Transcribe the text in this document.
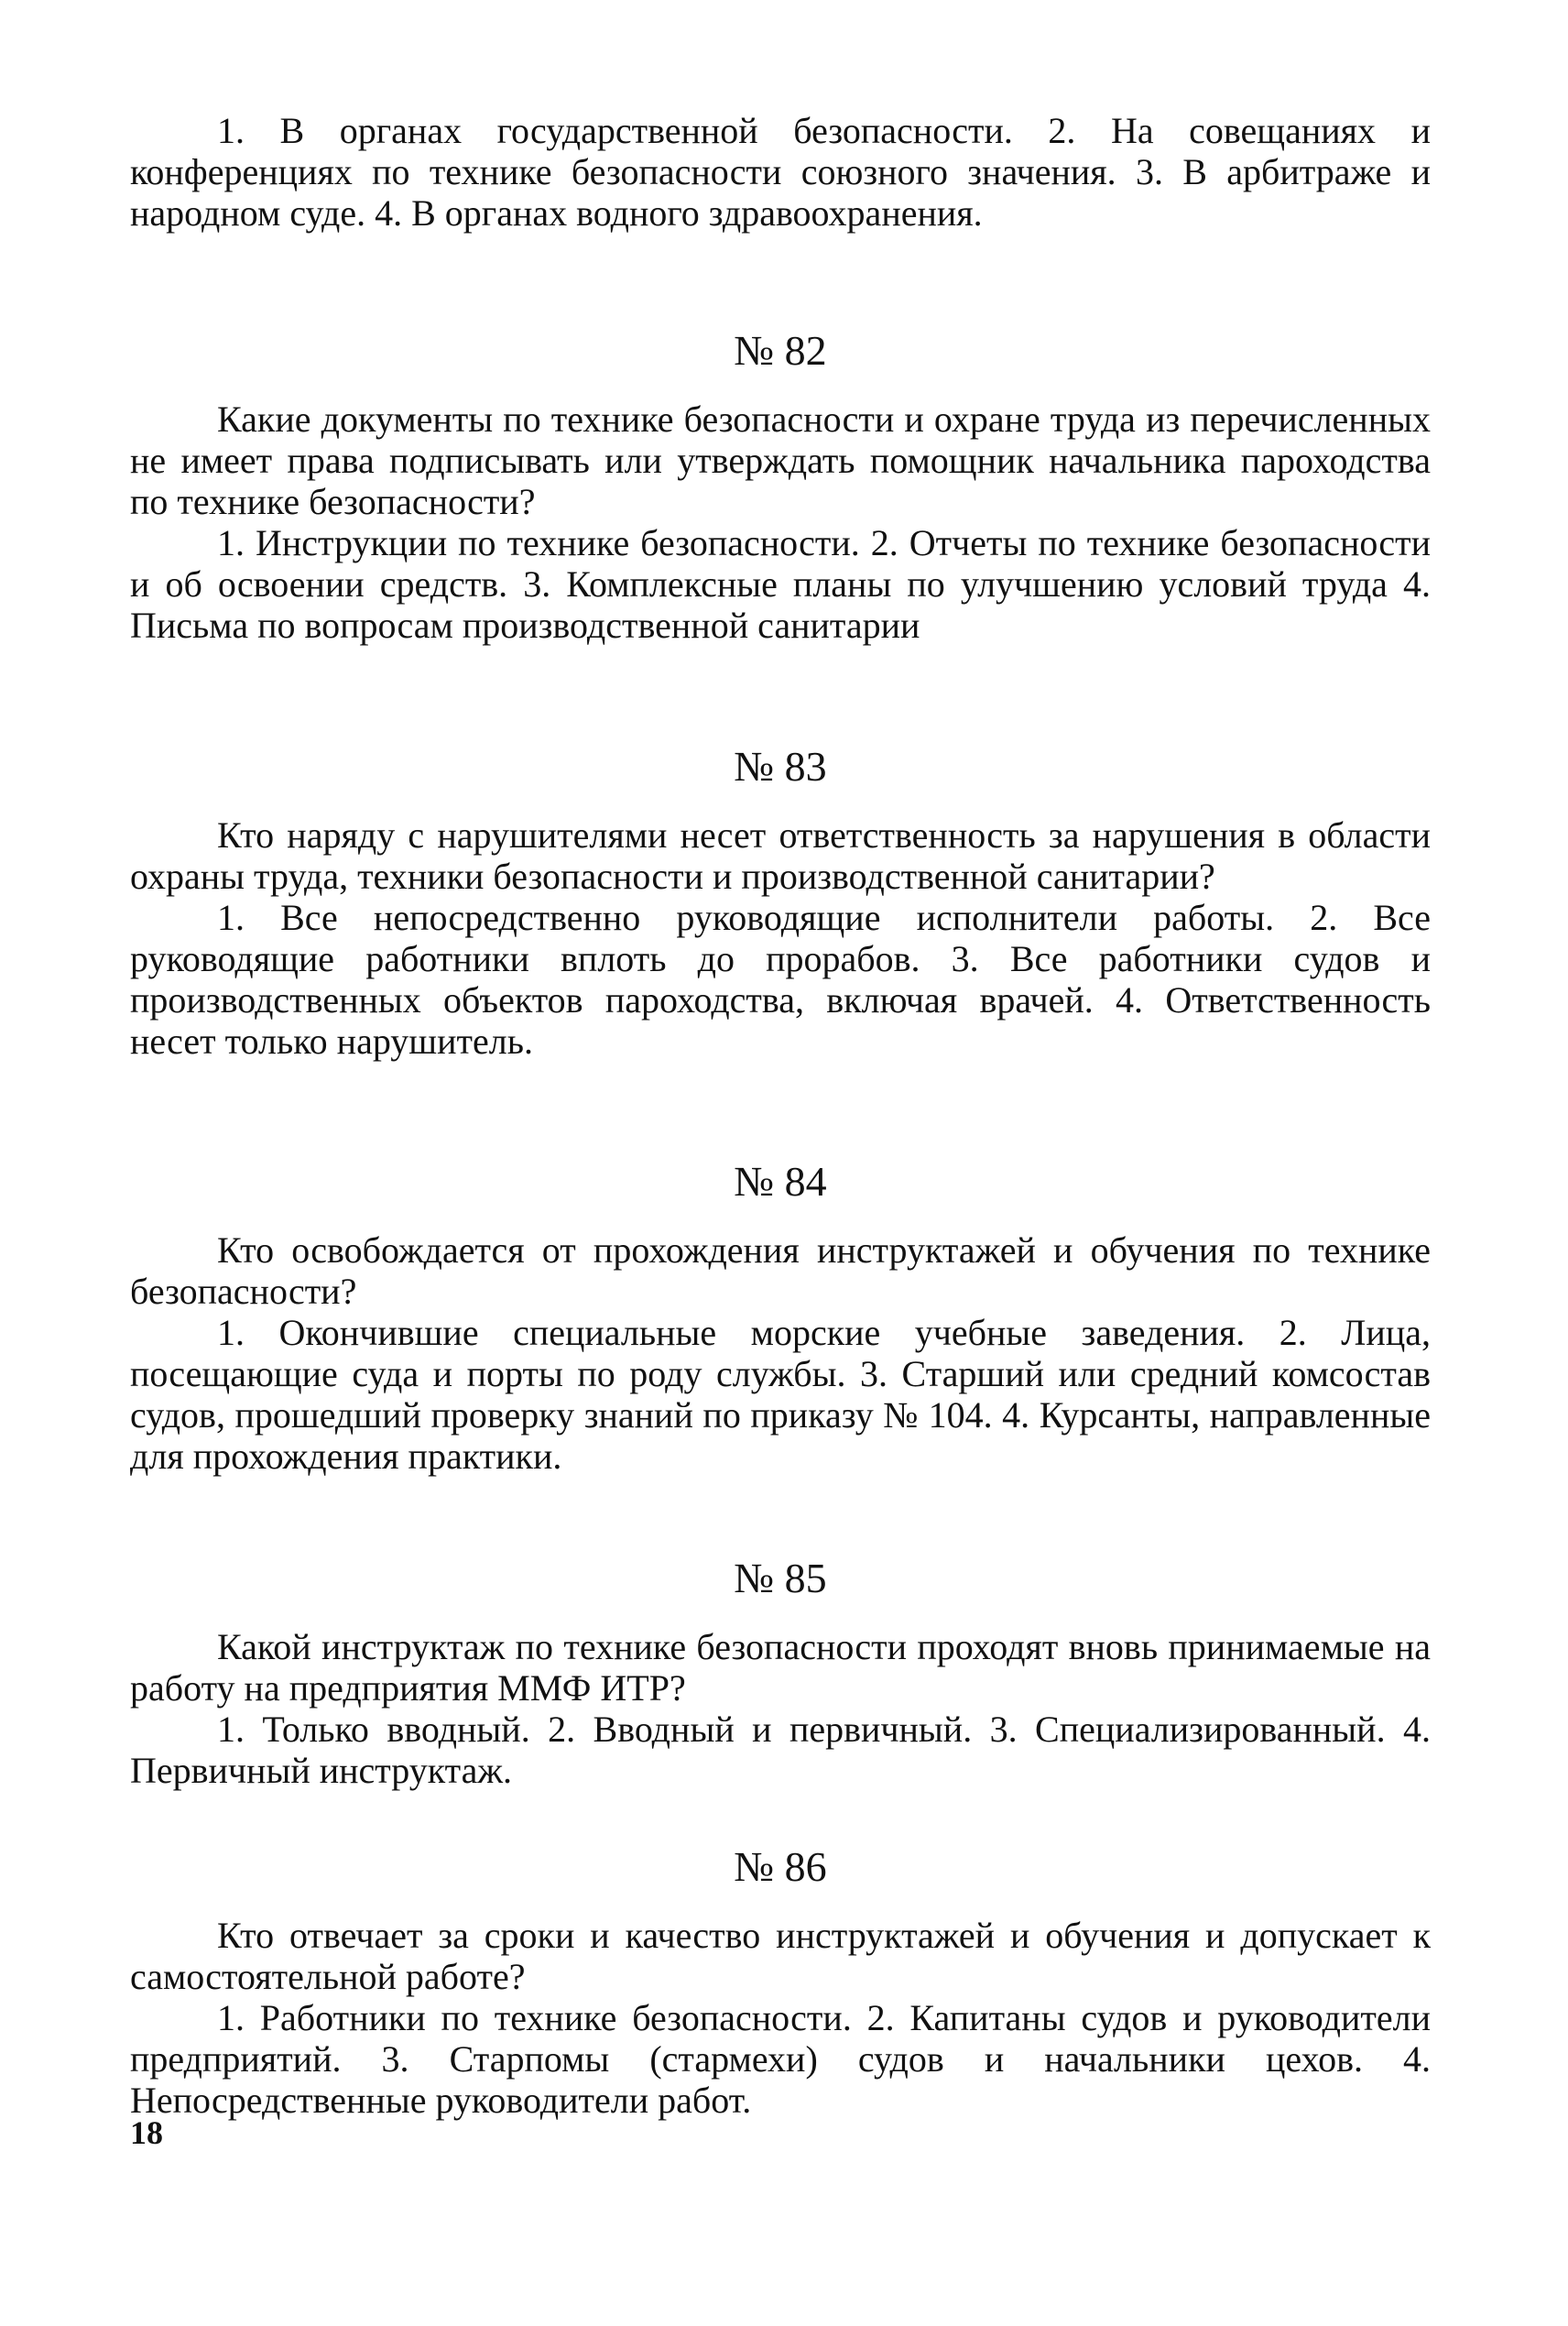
1. В органах государственной безопасности. 2. На совещаниях и конференциях по технике безопасности союзного значения. 3. В арбитраже и народном суде. 4. В органах водного здравоохранения.

№ 82

Какие документы по технике безопасности и охране труда из перечисленных не имеет права подписывать или утверждать помощник начальника пароходства по технике безопасности?

1. Инструкции по технике безопасности. 2. Отчеты по технике безопасности и об освоении средств. 3. Комплексные планы по улучшению условий труда 4. Письма по вопросам производственной санитарии

№ 83

Кто наряду с нарушителями несет ответственность за нарушения в области охраны труда, техники безопасности и производственной санитарии?

1. Все непосредственно руководящие исполнители работы. 2. Все руководящие работники вплоть до прорабов. 3. Все работники судов и производственных объектов пароходства, включая врачей. 4. Ответственность несет только нарушитель.

№ 84

Кто освобождается от прохождения инструктажей и обучения по технике безопасности?

1. Окончившие специальные морские учебные заведения. 2. Лица, посещающие суда и порты по роду службы. 3. Старший или средний комсостав судов, прошедший проверку знаний по приказу № 104. 4. Курсанты, направленные для прохождения практики.

№ 85

Какой инструктаж по технике безопасности проходят вновь принимаемые на работу на предприятия ММФ ИТР?

1. Только вводный. 2. Вводный и первичный. 3. Специализированный. 4. Первичный инструктаж.

№ 86

Кто отвечает за сроки и качество инструктажей и обучения и допускает к самостоятельной работе?

1. Работники по технике безопасности. 2. Капитаны судов и руководители предприятий. 3. Старпомы (стармехи) судов и начальники цехов. 4. Непосредственные руководители работ.

18
